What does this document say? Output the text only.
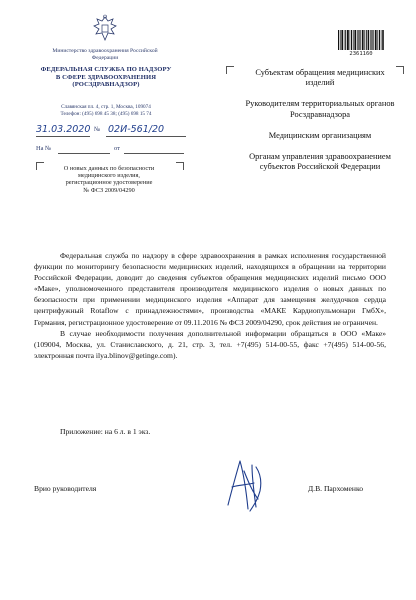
Министерство здравоохранения Российской Федерации
ФЕДЕРАЛЬНАЯ СЛУЖБА ПО НАДЗОРУ
В СФЕРЕ ЗДРАВООХРАНЕНИЯ
(РОСЗДРАВНАДЗОР)
Славянская пл. 4, стр. 1, Москва, 109074
Телефон: (495) 698 45 38; (495) 698 15 74
31.03.2020 № 02И-561/20
На №	от
О новых данных по безопасности
медицинского изделия,
регистрационное удостоверение
№ ФСЗ 2009/04290
2361160

Субъектам обращения медицинских изделий

Руководителям территориальных органов Росздравнадзора

Медицинским организациям

Органам управления здравоохранением субъектов Российской Федерации

Федеральная служба по надзору в сфере здравоохранения в рамках исполнения государственной функции по мониторингу безопасности медицинских изделий, находящихся в обращении на территории Российской Федерации, доводит до сведения субъектов обращения медицинских изделий письмо ООО «Маке», уполномоченного представителя производителя медицинского изделия о новых данных по безопасности при применении медицинского изделия «Аппарат для замещения желудочков сердца центрифужный Rotaflow с принадлежностями», производства «МАКЕ Кардиопульмонари ГмбХ», Германия, регистрационное удостоверение от 09.11.2016 № ФСЗ 2009/04290, срок действия не ограничен.

В случае необходимости получения дополнительной информации обращаться в ООО «Маке» (109004, Москва, ул. Станиславского, д. 21, стр. 3, тел. +7(495) 514-00-55, факс +7(495) 514-00-56, электронная почта ilya.blinov@getinge.com).

Приложение: на 6 л. в 1 экз.
Врио руководителя	Д.В. Пархоменко
